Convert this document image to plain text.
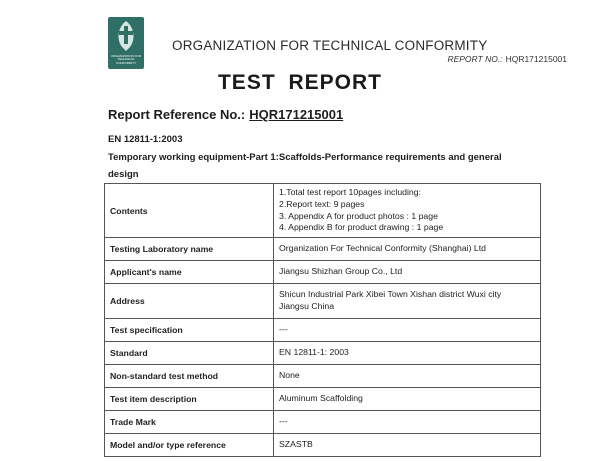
ORGANIZATION FOR TECHNICAL CONFORMITY
ORGANIZATION FOR TECHNICAL CONFORMITY
REPORT NO.: HQR171215001
TEST REPORT
Report Reference No.: HQR171215001
EN 12811-1:2003
Temporary working equipment-Part 1:Scaffolds-Performance requirements and general design
Contents	1.Total test report 10pages including:
2.Report text: 9 pages
3. Appendix A for product photos : 1 page
4. Appendix B for product drawing : 1 page

Testing Laboratory name	Organization For Technical Conformity (Shanghai) Ltd
Applicant's name	Jiangsu Shizhan Group Co., Ltd
Address	Shicun Industrial Park Xibei Town Xishan district Wuxi city
Jiangsu China

Test specification	---
Standard	EN 12811-1: 2003
Non-standard test method	None
Test item description	Aluminum Scaffolding
Trade Mark	---
Model and/or type reference	SZASTB
